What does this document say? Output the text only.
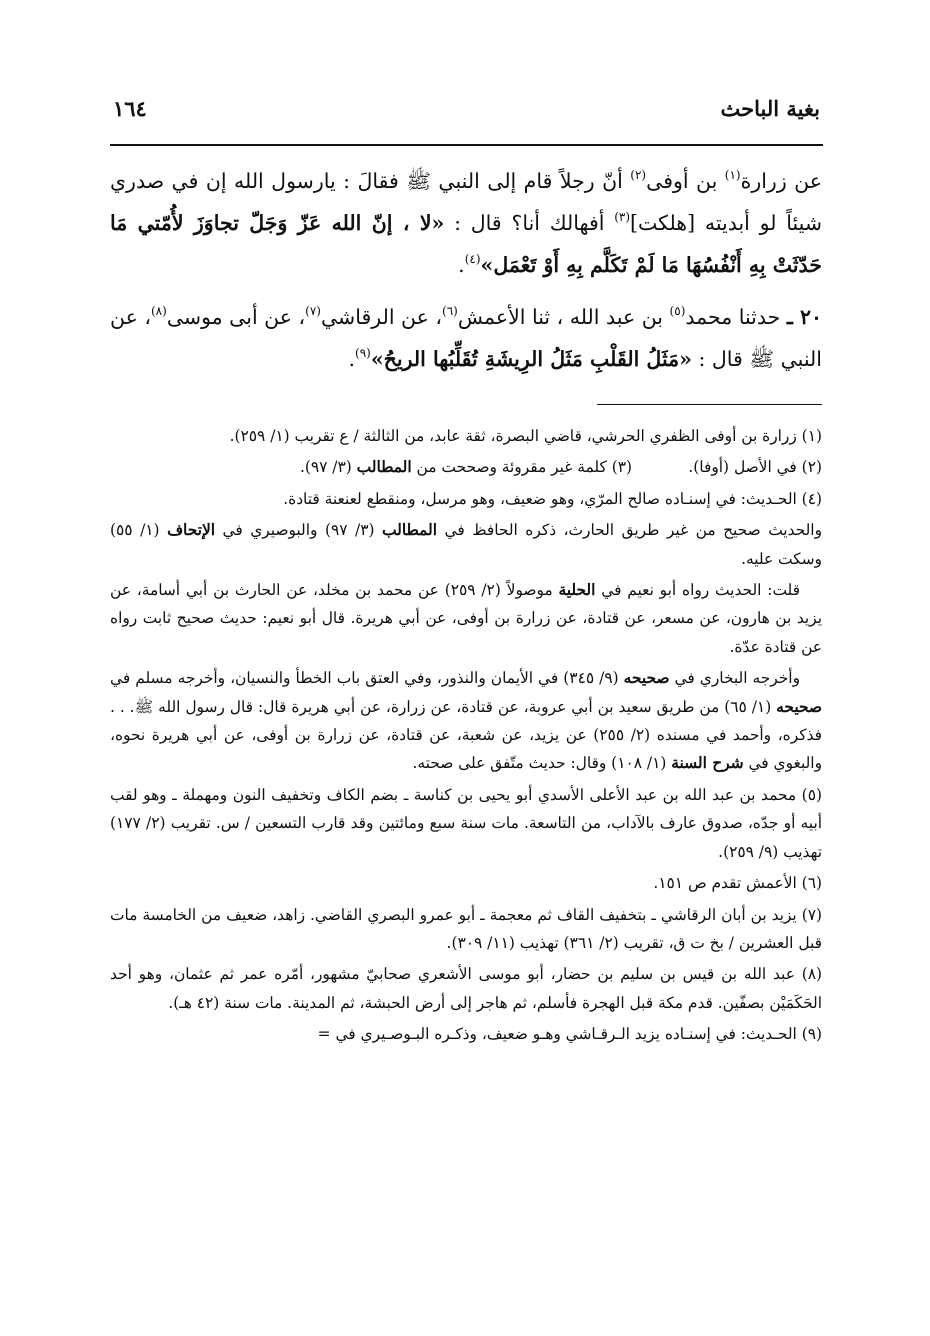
بغية الباحث
١٦٤

عن زرارة$^{(١)}$ بن أوفى$^{(٢)}$ أنّ رجلاً قام إلى النبي ﷺ فقالَ : يارسول الله إن في صدري شيئاً لو أبديته [هلكت]$^{(٣)}$ أفهالك أنا؟ قال : «لا ، إنّ الله عَزّ وَجَلّ تجاوَزَ لأُمّتي مَا حَدّثَتْ بِهِ أَنْفُسُهَا مَا لَمْ تَكَلَّم بِهِ أَوْ تَعْمَل»$^{(٤)}$.

٢٠ ـ حدثنا محمد$^{(٥)}$ بن عبد الله ، ثنا الأعمش$^{(٦)}$، عن الرقاشي$^{(٧)}$، عن أبى موسى$^{(٨)}$، عن النبي ﷺ قال : «مَثَلُ القَلْبِ مَثَلُ الرِيشَةِ تُقَلِّبُها الريحُ»$^{(٩)}$.

(١) زرارة بن أوفى الظفري الحرشي، قاضي البصرة، ثقة عابد، من الثالثة / ع تقريب (١/ ٢٥٩).

(٢) في الأصل (أوفا).

(٣) كلمة غير مقروئة وصححت من المطالب (٣/ ٩٧).

(٤) الحـديث: في إسنـاده صالح المرّي، وهو ضعيف، وهو مرسل، ومنقطع لعنعنة قتادة.

والحديث صحيح من غير طريق الحارث، ذكره الحافظ في المطالب (٣/ ٩٧) والبوصيري في الإتحاف (١/ ٥٥) وسكت عليه.

قلت: الحديث رواه أبو نعيم في الحلية موصولاً (٢/ ٢٥٩) عن محمد بن مخلد، عن الحارث بن أبي أسامة، عن يزيد بن هارون، عن مسعر، عن قتادة، عن زرارة بن أوفى، عن أبي هريرة. قال أبو نعيم: حديث صحيح ثابت رواه عن قتادة عدّة.

وأخرجه البخاري في صحيحه (٩/ ٣٤٥) في الأيمان والنذور، وفي العتق باب الخطأ والنسيان، وأخرجه مسلم في صحيحه (١/ ٦٥) من طريق سعيد بن أبي عروبة، عن قتادة، عن زرارة، عن أبي هريرة قال: قال رسول الله ﷺ. . . فذكره، وأحمد في مسنده (٢/ ٢٥٥) عن يزيد، عن شعبة، عن قتادة، عن زرارة بن أوفى، عن أبي هريرة نحوه، والبغوي في شرح السنة (١/ ١٠٨) وقال: حديث متّفق على صحته.

(٥) محمد بن عبد الله بن عبد الأعلى الأسدي أبو يحيى بن كناسة ـ بضم الكاف وتخفيف النون ومهملة ـ وهو لقب أبيه أو جدّه، صدوق عارف بالآداب، من التاسعة. مات سنة سبع ومائتين وقد قارب التسعين / س. تقريب (٢/ ١٧٧) تهذيب (٩/ ٢٥٩).

(٦) الأعمش تقدم ص ١٥١.

(٧) يزيد بن أبان الرقاشي ـ بتخفيف القاف ثم معجمة ـ أبو عمرو البصري القاضي. زاهد، ضعيف من الخامسة مات قبل العشرين / بخ ت ق، تقريب (٢/ ٣٦١) تهذيب (١١/ ٣٠٩).

(٨) عبد الله بن قيس بن سليم بن حضار، أبو موسى الأشعري صحابيّ مشهور، أمّره عمر ثم عثمان، وهو أحد الحَكَمَيْن بصفّين. قدم مكة قبل الهجرة فأسلم، ثم هاجر إلى أرض الحبشة، ثم المدينة. مات سنة (٤٢ هـ).

(٩) الحـديث: في إسنـاده يزيد الـرقـاشي وهـو ضعيف، وذكـره البـوصـيري في =
